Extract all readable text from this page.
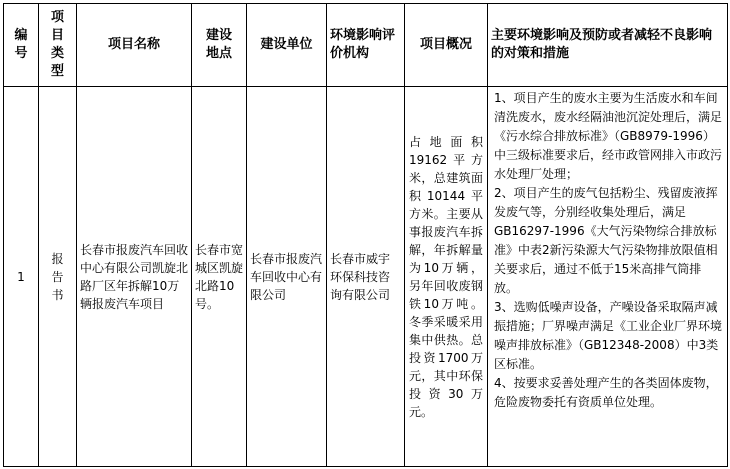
编号	项目类型	项目名称	建设地点	建设单位	环境影响评价机构	项目概况	主要环境影响及预防或者减轻不良影响的对策和措施
1	报告书	长春市报废汽车回收中心有限公司凯旋北路厂区年拆解10万辆报废汽车项目	长春市宽城区凯旋北路10号。	长春市报废汽车回收中心有限公司	长春市威宇环保科技咨询有限公司	占地面积19162平方米，总建筑面积10144平方米。主要从事报废汽车拆解，年拆解量为10万辆，另年回收废钢铁10万吨。冬季采暖采用集中供热。总投资1700万元，其中环保投资30万元。	1、项目产生的废水主要为生活废水和车间清洗废水，废水经隔油池沉淀处理后，满足《污水综合排放标准》（GB8979-1996）中三级标准要求后，经市政管网排入市政污水处理厂处理；

2、项目产生的废气包括粉尘、残留废液挥发废气等，分别经收集处理后，满足GB16297-1996《大气污染物综合排放标准》中表2新污染源大气污染物排放限值相关要求后，通过不低于15米高排气筒排放。

3、选购低噪声设备，产噪设备采取隔声减振措施；厂界噪声满足《工业企业厂界环境噪声排放标准》（GB12348-2008）中3类区标准。

4、按要求妥善处理产生的各类固体废物，危险废物委托有资质单位处理。
